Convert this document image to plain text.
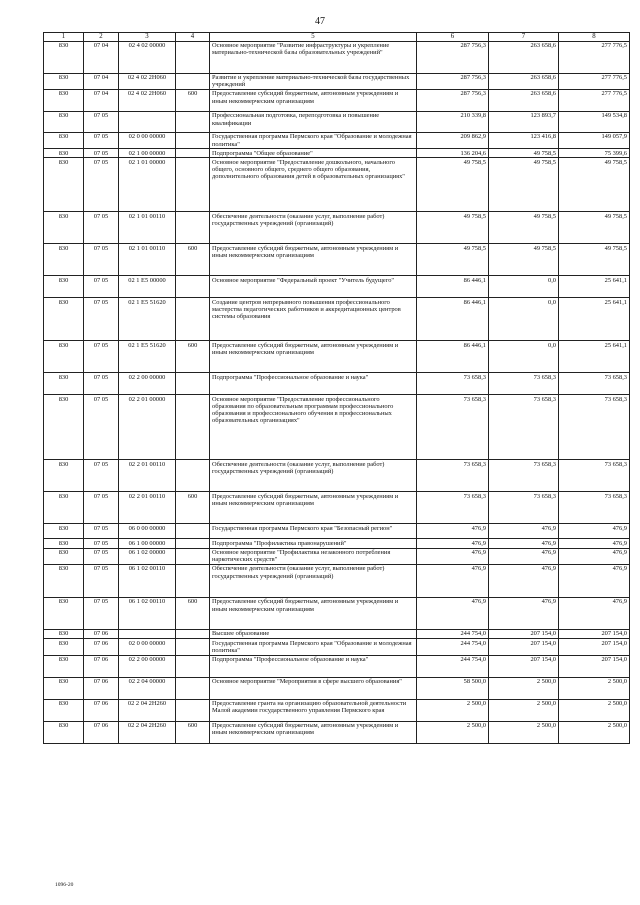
47
1	2	3	4	5	6	7	8
830	07 04	02 4 02 00000		Основное мероприятие "Развитие инфраструктуры и укрепление материально-технической базы образовательных учреждений"	287 756,3	263 658,6	277 776,5
830	07 04	02 4 02 2Н060		Развитие и укрепление материально-технической базы государственных учреждений	287 756,3	263 658,6	277 776,5
830	07 04	02 4 02 2Н060	600	Предоставление субсидий бюджетным, автономным учреждениям и иным некоммерческим организациям	287 756,3	263 658,6	277 776,5
830	07 05			Профессиональная подготовка, переподготовка и повышение квалификации	210 339,8	123 893,7	149 534,8
830	07 05	02 0 00 00000		Государственная программа Пермского края "Образование и молодежная политика"	209 862,9	123 416,8	149 057,9
830	07 05	02 1 00 00000		Подпрограмма "Общее образование"	136 204,6	49 758,5	75 399,6
830	07 05	02 1 01 00000		Основное мероприятие "Предоставление дошкольного, начального общего, основного общего, среднего общего образования, дополнительного образования детей в образовательных организациях"	49 758,5	49 758,5	49 758,5
830	07 05	02 1 01 00110		Обеспечение деятельности (оказание услуг, выполнение работ) государственных учреждений (организаций)	49 758,5	49 758,5	49 758,5
830	07 05	02 1 01 00110	600	Предоставление субсидий бюджетным, автономным учреждениям и иным некоммерческим организациям	49 758,5	49 758,5	49 758,5
830	07 05	02 1 Е5 00000		Основное мероприятие "Федеральный проект "Учитель будущего"	86 446,1	0,0	25 641,1
830	07 05	02 1 Е5 51620		Создание центров непрерывного повышения профессионального мастерства педагогических работников и аккредитационных центров системы образования	86 446,1	0,0	25 641,1
830	07 05	02 1 Е5 51620	600	Предоставление субсидий бюджетным, автономным учреждениям и иным некоммерческим организациям	86 446,1	0,0	25 641,1
830	07 05	02 2 00 00000		Подпрограмма "Профессиональное образование и наука"	73 658,3	73 658,3	73 658,3
830	07 05	02 2 01 00000		Основное мероприятие "Предоставление профессионального образования по образовательным программам профессионального образования и профессионального обучения в профессиональных образовательных организациях"	73 658,3	73 658,3	73 658,3
830	07 05	02 2 01 00110		Обеспечение деятельности (оказание услуг, выполнение работ) государственных учреждений (организаций)	73 658,3	73 658,3	73 658,3
830	07 05	02 2 01 00110	600	Предоставление субсидий бюджетным, автономным учреждениям и иным некоммерческим организациям	73 658,3	73 658,3	73 658,3
830	07 05	06 0 00 00000		Государственная программа Пермского края "Безопасный регион"	476,9	476,9	476,9
830	07 05	06 1 00 00000		Подпрограмма "Профилактика правонарушений"	476,9	476,9	476,9
830	07 05	06 1 02 00000		Основное мероприятие "Профилактика незаконного потребления наркотических средств"	476,9	476,9	476,9
830	07 05	06 1 02 00110		Обеспечение деятельности (оказание услуг, выполнение работ) государственных учреждений (организаций)	476,9	476,9	476,9
830	07 05	06 1 02 00110	600	Предоставление субсидий бюджетным, автономным учреждениям и иным некоммерческим организациям	476,9	476,9	476,9
830	07 06			Высшее образование	244 754,0	207 154,0	207 154,0
830	07 06	02 0 00 00000		Государственная программа Пермского края "Образование и молодежная политика"	244 754,0	207 154,0	207 154,0
830	07 06	02 2 00 00000		Подпрограмма "Профессиональное образование и наука"	244 754,0	207 154,0	207 154,0
830	07 06	02 2 04 00000		Основное мероприятие "Мероприятия в сфере высшего образования"	58 500,0	2 500,0	2 500,0
830	07 06	02 2 04 2Н260		Предоставление гранта на организацию образовательной деятельности Малой академии государственного управления Пермского края	2 500,0	2 500,0	2 500,0
830	07 06	02 2 04 2Н260	600	Предоставление субсидий бюджетным, автономным учреждениям и иным некоммерческим организациям	2 500,0	2 500,0	2 500,0
1096-20
